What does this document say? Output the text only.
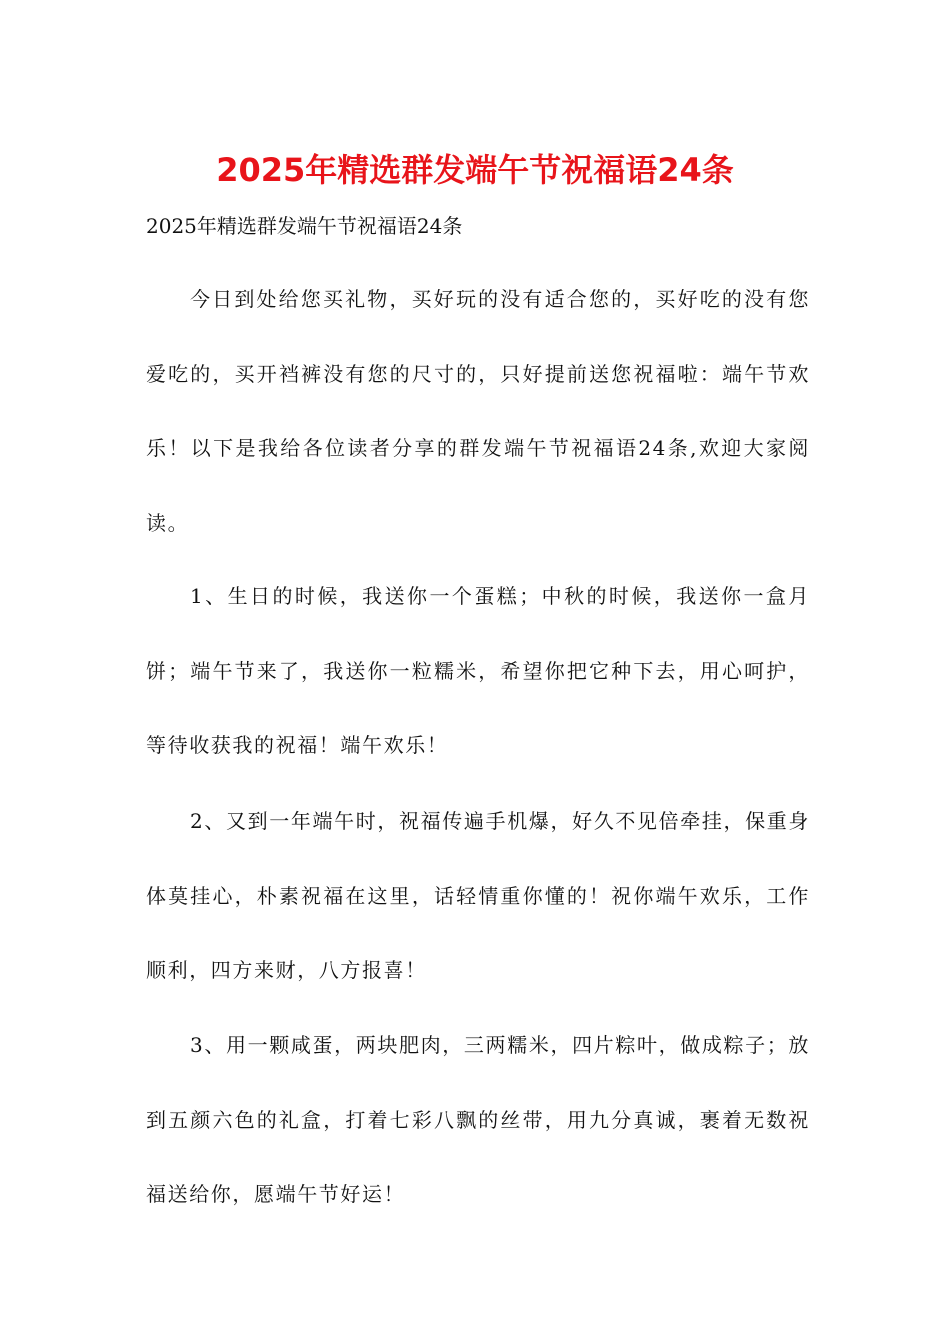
2025年精选群发端午节祝福语24条

2025年精选群发端午节祝福语24条

今日到处给您买礼物，买好玩的没有适合您的，买好吃的没有您爱吃的，买开裆裤没有您的尺寸的，只好提前送您祝福啦：端午节欢乐！以下是我给各位读者分享的群发端午节祝福语24条,欢迎大家阅读。

1、生日的时候，我送你一个蛋糕；中秋的时候，我送你一盒月饼；端午节来了，我送你一粒糯米，希望你把它种下去，用心呵护，等待收获我的祝福！端午欢乐！

2、又到一年端午时，祝福传遍手机爆，好久不见倍牵挂，保重身体莫挂心，朴素祝福在这里，话轻情重你懂的！祝你端午欢乐，工作顺利，四方来财，八方报喜！

3、用一颗咸蛋，两块肥肉，三两糯米，四片粽叶，做成粽子；放到五颜六色的礼盒，打着七彩八飘的丝带，用九分真诚，裹着无数祝福送给你，愿端午节好运！
